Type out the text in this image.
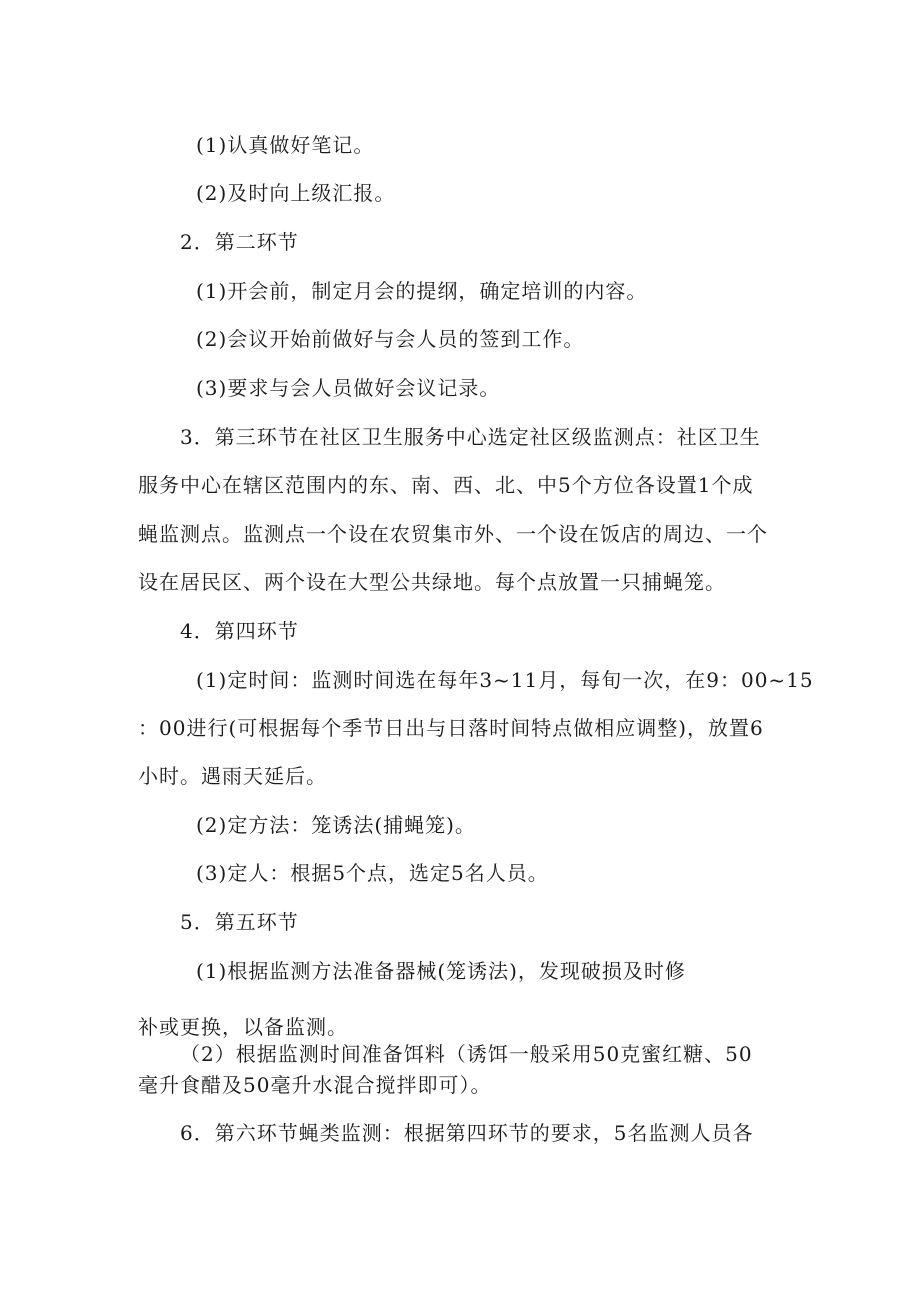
(1)认真做好笔记。
(2)及时向上级汇报。
2．第二环节
(1)开会前，制定月会的提纲，确定培训的内容。
(2)会议开始前做好与会人员的签到工作。
(3)要求与会人员做好会议记录。
3．第三环节在社区卫生服务中心选定社区级监测点：社区卫生
服务中心在辖区范围内的东、南、西、北、中5个方位各设置1个成
蝇监测点。监测点一个设在农贸集市外、一个设在饭店的周边、一个
设在居民区、两个设在大型公共绿地。每个点放置一只捕蝇笼。
4．第四环节
(1)定时间：监测时间选在每年3~11月，每旬一次，在9：00~15
：00进行(可根据每个季节日出与日落时间特点做相应调整)，放置6
小时。遇雨天延后。
(2)定方法：笼诱法(捕蝇笼)。
(3)定人：根据5个点，选定5名人员。
5．第五环节
(1)根据监测方法准备器械(笼诱法)，发现破损及时修
补或更换，以备监测。
（2）根据监测时间准备饵料（诱饵一般采用50克蜜红糖、50
毫升食醋及50毫升水混合搅拌即可）。
6．第六环节蝇类监测：根据第四环节的要求，5名监测人员各
